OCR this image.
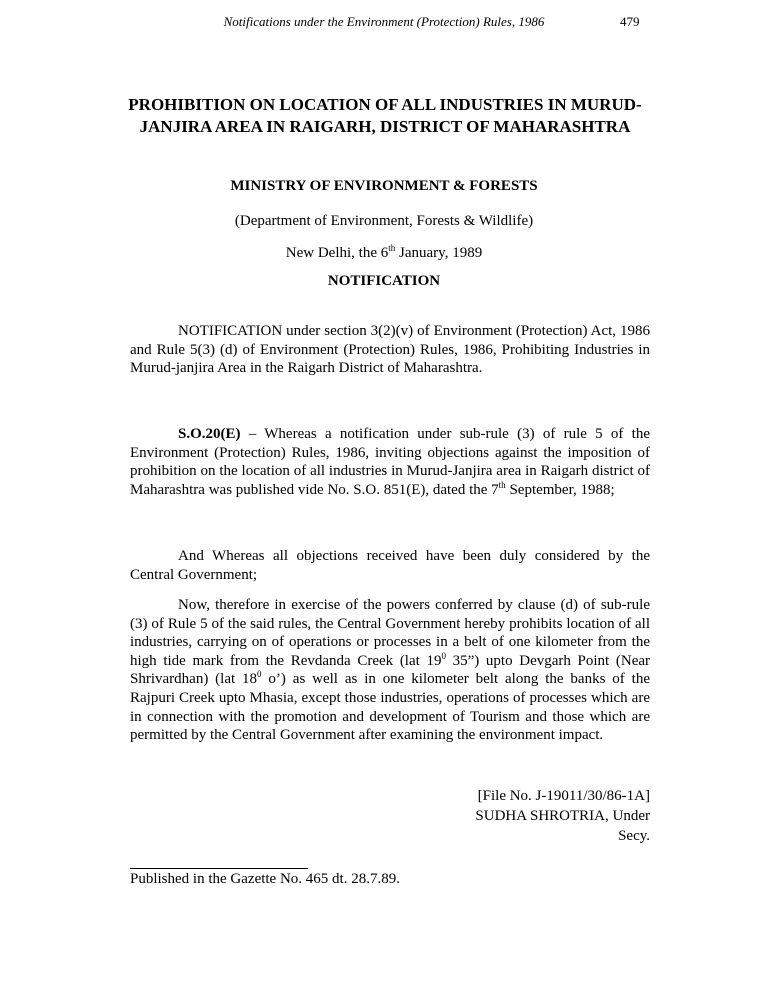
Notifications under the Environment (Protection) Rules, 1986	479
PROHIBITION ON LOCATION OF ALL INDUSTRIES IN MURUD-JANJIRA AREA IN RAIGARH, DISTRICT OF MAHARASHTRA
MINISTRY OF ENVIRONMENT & FORESTS
(Department of Environment, Forests & Wildlife)
New Delhi, the 6th January, 1989
NOTIFICATION
NOTIFICATION under section 3(2)(v) of Environment (Protection) Act, 1986 and Rule 5(3) (d) of Environment (Protection) Rules, 1986, Prohibiting Industries in Murud-janjira Area in the Raigarh District of Maharashtra.
S.O.20(E) – Whereas a notification under sub-rule (3) of rule 5 of the Environment (Protection) Rules, 1986, inviting objections against the imposition of prohibition on the location of all industries in Murud-Janjira area in Raigarh district of Maharashtra was published vide No. S.O. 851(E), dated the 7th September, 1988;
And Whereas all objections received have been duly considered by the Central Government;
Now, therefore in exercise of the powers conferred by clause (d) of sub-rule (3) of Rule 5 of the said rules, the Central Government hereby prohibits location of all industries, carrying on of operations or processes in a belt of one kilometer from the high tide mark from the Revdanda Creek (lat $19^0$ 35”) upto Devgarh Point (Near Shrivardhan) (lat $18^0$ o’) as well as in one kilometer belt along the banks of the Rajpuri Creek upto Mhasia, except those industries, operations of processes which are in connection with the promotion and development of Tourism and those which are permitted by the Central Government after examining the environment impact.
[File No. J-19011/30/86-1A]
SUDHA SHROTRIA, Under Secy.
Published in the Gazette No. 465 dt. 28.7.89.
